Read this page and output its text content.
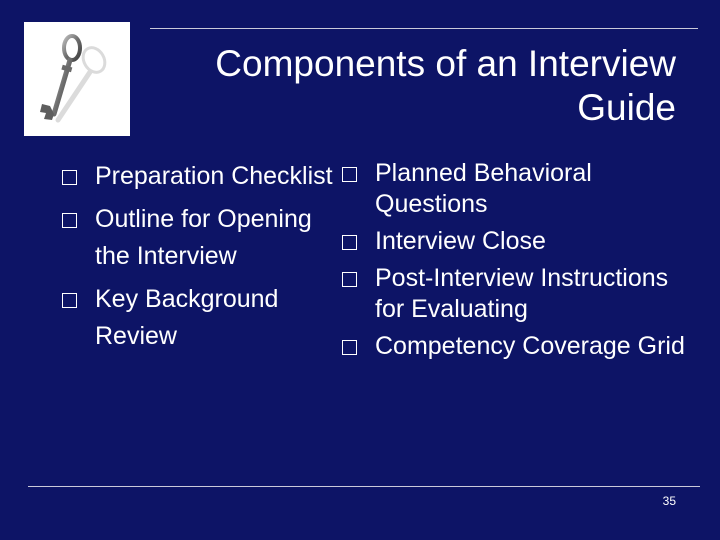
Components of an Interview Guide
Preparation Checklist
Outline for Opening the Interview
Key Background Review
Planned Behavioral Questions
Interview Close
Post-Interview Instructions for Evaluating
Competency Coverage Grid
35
